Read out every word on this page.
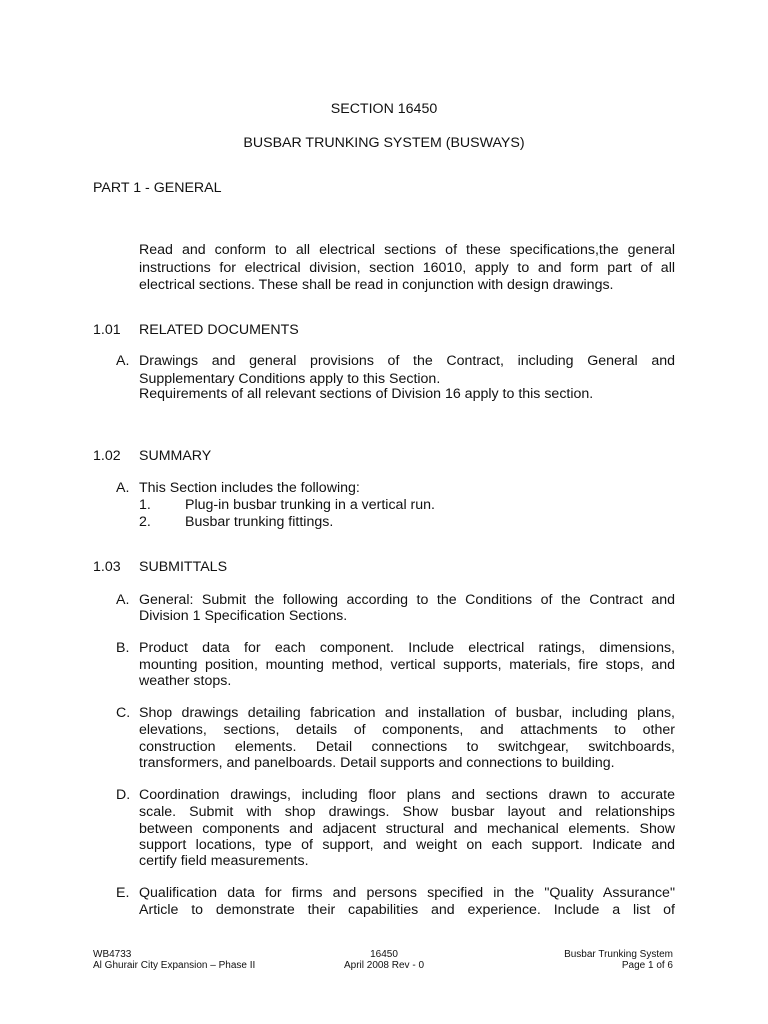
SECTION 16450
BUSBAR TRUNKING SYSTEM (BUSWAYS)
PART 1 - GENERAL
Read and conform to all electrical sections of these specifications,the general
instructions for electrical division, section 16010, apply to and form part of all
electrical sections. These shall be read in conjunction with design drawings.
1.01 RELATED DOCUMENTS
A. Drawings and general provisions of the Contract, including General and
Supplementary Conditions apply to this Section.
Requirements of all relevant sections of Division 16 apply to this section.
1.02 SUMMARY
A. This Section includes the following:
1. Plug-in busbar trunking in a vertical run.
2. Busbar trunking fittings.
1.03 SUBMITTALS
A. General: Submit the following according to the Conditions of the Contract and
Division 1 Specification Sections.
B. Product data for each component. Include electrical ratings, dimensions,
mounting position, mounting method, vertical supports, materials, fire stops, and
weather stops.
C. Shop drawings detailing fabrication and installation of busbar, including plans,
elevations, sections, details of components, and attachments to other
construction elements. Detail connections to switchgear, switchboards,
transformers, and panelboards. Detail supports and connections to building.
D. Coordination drawings, including floor plans and sections drawn to accurate
scale. Submit with shop drawings. Show busbar layout and relationships
between components and adjacent structural and mechanical elements. Show
support locations, type of support, and weight on each support. Indicate and
certify field measurements.
E. Qualification data for firms and persons specified in the "Quality Assurance"
Article to demonstrate their capabilities and experience. Include a list of
WB4733
Al Ghurair City Expansion – Phase II
16450
April 2008 Rev - 0
Busbar Trunking System
Page 1 of 6
